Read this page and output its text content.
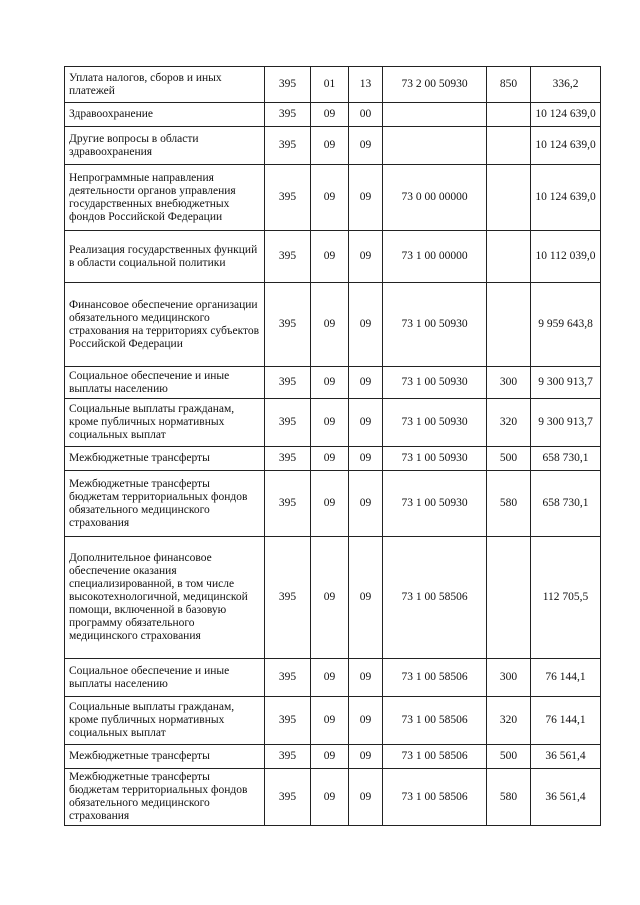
Уплата налогов, сборов и иных платежей	395	01	13	73 2 00 50930	850	336,2
Здравоохранение	395	09	00			10 124 639,0
Другие вопросы в области здравоохранения	395	09	09			10 124 639,0
Непрограммные направления деятельности органов управления государственных внебюджетных фондов Российской Федерации	395	09	09	73 0 00 00000		10 124 639,0
Реализация государственных функций в области социальной политики	395	09	09	73 1 00 00000		10 112 039,0
Финансовое обеспечение организации обязательного медицинского страхования на территориях субъектов Российской Федерации	395	09	09	73 1 00 50930		9 959 643,8
Социальное обеспечение и иные выплаты населению	395	09	09	73 1 00 50930	300	9 300 913,7
Социальные выплаты гражданам, кроме публичных нормативных социальных выплат	395	09	09	73 1 00 50930	320	9 300 913,7
Межбюджетные трансферты	395	09	09	73 1 00 50930	500	658 730,1
Межбюджетные трансферты бюджетам территориальных фондов обязательного медицинского страхования	395	09	09	73 1 00 50930	580	658 730,1
Дополнительное финансовое обеспечение оказания специализированной, в том числе высокотехнологичной, медицинской помощи, включенной в базовую программу обязательного медицинского страхования	395	09	09	73 1 00 58506		112 705,5
Социальное обеспечение и иные выплаты населению	395	09	09	73 1 00 58506	300	76 144,1
Социальные выплаты гражданам, кроме публичных нормативных социальных выплат	395	09	09	73 1 00 58506	320	76 144,1
Межбюджетные трансферты	395	09	09	73 1 00 58506	500	36 561,4
Межбюджетные трансферты бюджетам территориальных фондов обязательного медицинского страхования	395	09	09	73 1 00 58506	580	36 561,4
